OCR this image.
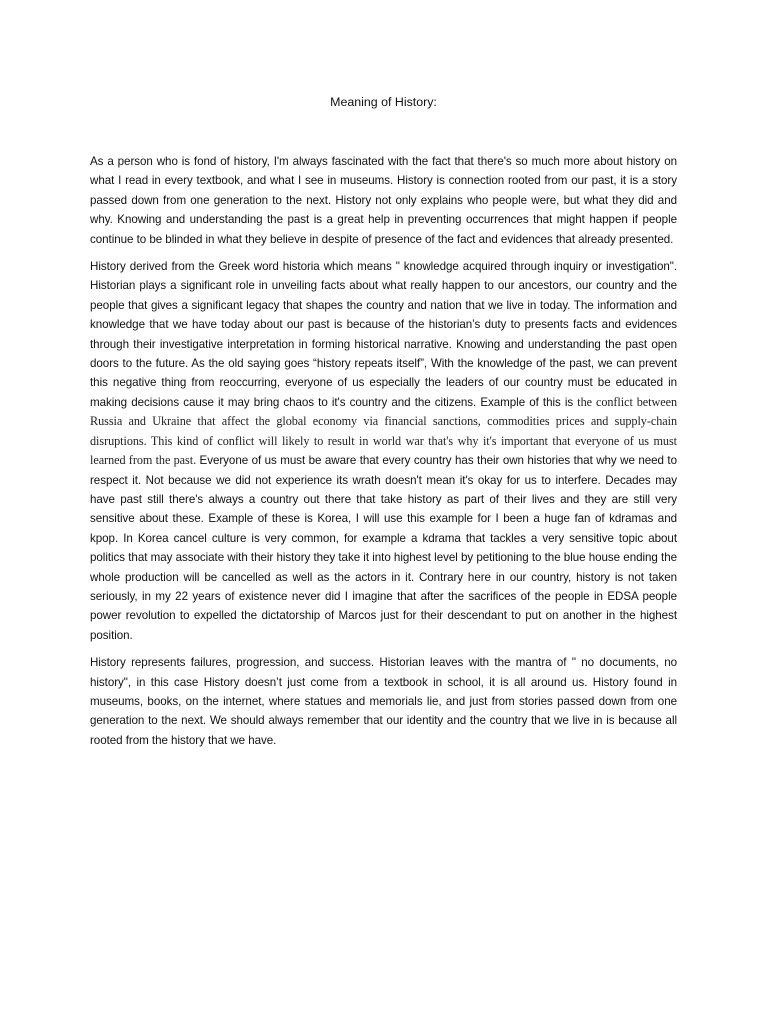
Meaning of History:

As a person who is fond of history, I'm always fascinated with the fact that there's so much more about history on what I read in every textbook, and what I see in museums. History is connection rooted from our past, it is a story passed down from one generation to the next. History not only explains who people were, but what they did and why. Knowing and understanding the past is a great help in preventing occurrences that might happen if people continue to be blinded in what they believe in despite of presence of the fact and evidences that already presented.

History derived from the Greek word historia which means " knowledge acquired through inquiry or investigation". Historian plays a significant role in unveiling facts about what really happen to our ancestors, our country and the people that gives a significant legacy that shapes the country and nation that we live in today. The information and knowledge that we have today about our past is because of the historian’s duty to presents facts and evidences through their investigative interpretation in forming historical narrative. Knowing and understanding the past open doors to the future. As the old saying goes “history repeats itself”, With the knowledge of the past, we can prevent this negative thing from reoccurring, everyone of us especially the leaders of our country must be educated in making decisions cause it may bring chaos to it's country and the citizens. Example of this is the conflict between Russia and Ukraine that affect the global economy via financial sanctions, commodities prices and supply-chain disruptions. This kind of conflict will likely to result in world war that's why it's important that everyone of us must learned from the past. Everyone of us must be aware that every country has their own histories that why we need to respect it. Not because we did not experience its wrath doesn't mean it's okay for us to interfere. Decades may have past still there's always a country out there that take history as part of their lives and they are still very sensitive about these. Example of these is Korea, I will use this example for I been a huge fan of kdramas and kpop. In Korea cancel culture is very common, for example a kdrama that tackles a very sensitive topic about politics that may associate with their history they take it into highest level by petitioning to the blue house ending the whole production will be cancelled as well as the actors in it. Contrary here in our country, history is not taken seriously, in my 22 years of existence never did I imagine that after the sacrifices of the people in EDSA people power revolution to expelled the dictatorship of Marcos just for their descendant to put on another in the highest position.

History represents failures, progression, and success. Historian leaves with the mantra of " no documents, no history", in this case History doesn’t just come from a textbook in school, it is all around us. History found in museums, books, on the internet, where statues and memorials lie, and just from stories passed down from one generation to the next. We should always remember that our identity and the country that we live in is because all rooted from the history that we have.
